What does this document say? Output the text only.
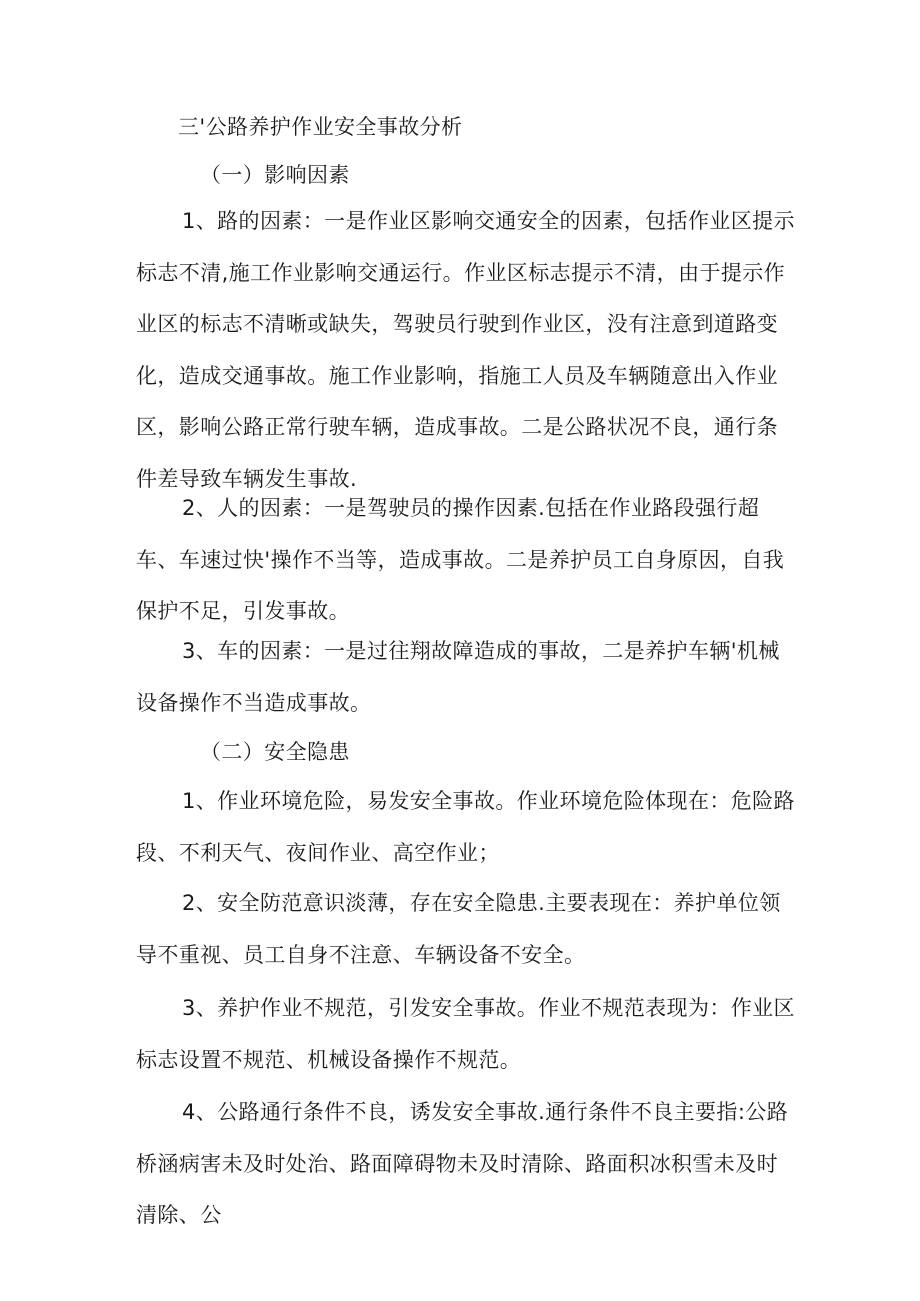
三'公路养护作业安全事故分析

（一）影响因素

1、路的因素：一是作业区影响交通安全的因素，包括作业区提示标志不清,施工作业影响交通运行。作业区标志提示不清，由于提示作业区的标志不清晰或缺失，驾驶员行驶到作业区，没有注意到道路变化，造成交通事故。施工作业影响，指施工人员及车辆随意出入作业区，影响公路正常行驶车辆，造成事故。二是公路状况不良，通行条件差导致车辆发生事故.

2、人的因素：一是驾驶员的操作因素.包括在作业路段强行超车、车速过快'操作不当等，造成事故。二是养护员工自身原因，自我保护不足，引发事故。

3、车的因素：一是过往翔故障造成的事故，二是养护车辆'机械设备操作不当造成事故。

（二）安全隐患

1、作业环境危险，易发安全事故。作业环境危险体现在：危险路段、不利天气、夜间作业、高空作业；

2、安全防范意识淡薄，存在安全隐患.主要表现在：养护单位领导不重视、员工自身不注意、车辆设备不安全。

3、养护作业不规范，引发安全事故。作业不规范表现为：作业区标志设置不规范、机械设备操作不规范。

4、公路通行条件不良，诱发安全事故.通行条件不良主要指:公路桥涵病害未及时处治、路面障碍物未及时清除、路面积冰积雪未及时清除、公
